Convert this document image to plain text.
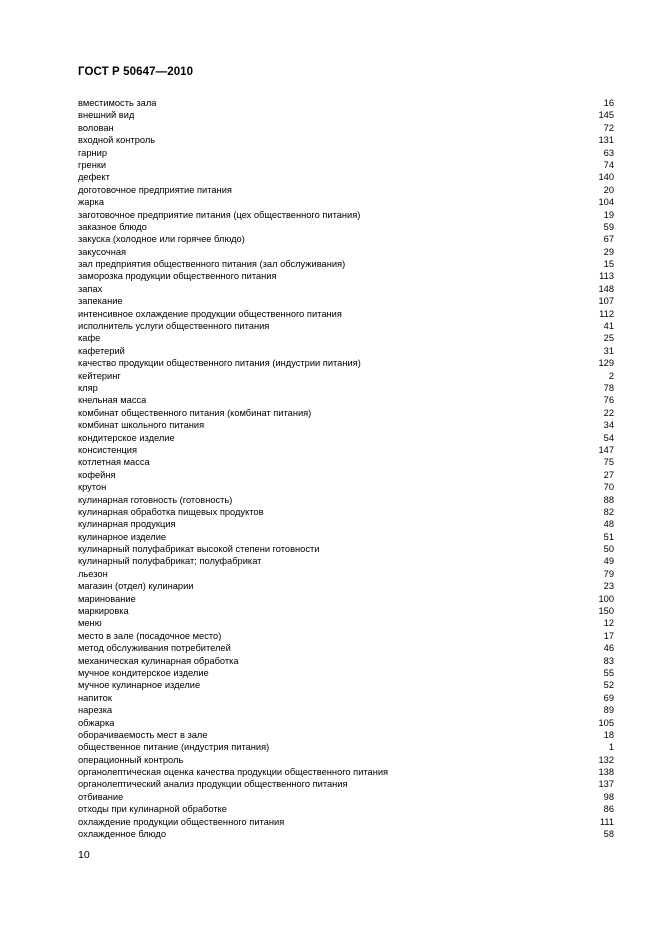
ГОСТ Р 50647—2010
вместимость зала	16
внешний вид	145
волован	72
входной контроль	131
гарнир	63
гренки	74
дефект	140
доготовочное предприятие питания	20
жарка	104
заготовочное предприятие питания (цех общественного питания)	19
заказное блюдо	59
закуска (холодное или горячее блюдо)	67
закусочная	29
зал предприятия общественного питания (зал обслуживания)	15
заморозка продукции общественного питания	113
запах	148
запекание	107
интенсивное охлаждение продукции общественного питания	112
исполнитель услуги общественного питания	41
кафе	25
кафетерий	31
качество продукции общественного питания (индустрии питания)	129
кейтеринг	2
кляр	78
кнельная масса	76
комбинат общественного питания (комбинат питания)	22
комбинат школьного питания	34
кондитерское изделие	54
консистенция	147
котлетная масса	75
кофейня	27
крутон	70
кулинарная готовность (готовность)	88
кулинарная обработка пищевых продуктов	82
кулинарная продукция	48
кулинарное изделие	51
кулинарный полуфабрикат высокой степени готовности	50
кулинарный полуфабрикат; полуфабрикат	49
льезон	79
магазин (отдел) кулинарии	23
маринование	100
маркировка	150
меню	12
место в зале (посадочное место)	17
метод обслуживания потребителей	46
механическая кулинарная обработка	83
мучное кондитерское изделие	55
мучное кулинарное изделие	52
напиток	69
нарезка	89
обжарка	105
оборачиваемость мест в зале	18
общественное питание (индустрия питания)	1
операционный контроль	132
органолептическая оценка качества продукции общественного питания	138
органолептический анализ продукции общественного питания	137
отбивание	98
отходы при кулинарной обработке	86
охлаждение продукции общественного питания	111
охлажденное блюдо	58
10
